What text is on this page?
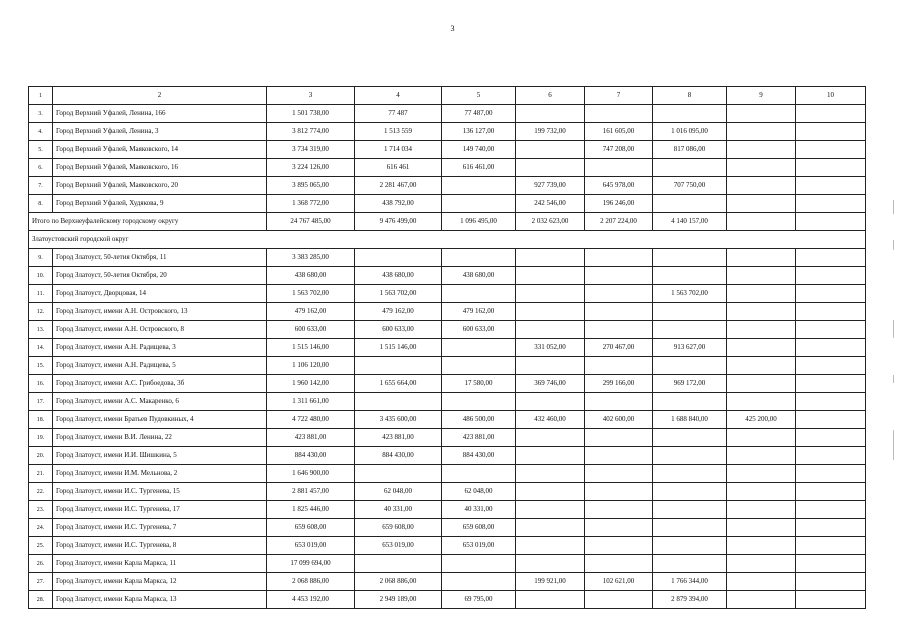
3
1	2	3	4	5	6	7	8	9	10
3.	Город Верхний Уфалей, Ленина, 166	1 501 738,00	77 487	77 487,00					
4.	Город Верхний Уфалей, Ленина, 3	3 812 774,00	1 513 559	136 127,00	199 732,00	161 605,00	1 016 095,00		
5.	Город Верхний Уфалей, Маяковского, 14	3 734 319,00	1 714 034	149 740,00		747 208,00	817 086,00		
6.	Город Верхний Уфалей, Маяковского, 16	3 224 126,00	616 461	616 461,00					
7.	Город Верхний Уфалей, Маяковского, 20	3 895 065,00	2 281 467,00		927 739,00	645 978,00	707 750,00		
8.	Город Верхний Уфалей, Худякова, 9	1 368 772,00	438 792,00		242 546,00	196 246,00			
Итого по Верхнеуфалейскому городскому округу		24 767 485,00	9 476 499,00	1 096 495,00	2 032 623,00	2 207 224,00	4 140 157,00		
Златоустовский городской округ									
9.	Город Златоуст, 50-летия Октября, 11	3 383 285,00							
10.	Город Златоуст, 50-летия Октября, 20	438 680,00	438 680,00	438 680,00					
11.	Город Златоуст, Дворцовая, 14	1 563 702,00	1 563 702,00				1 563 702,00		
12.	Город Златоуст, имени А.Н. Островского, 13	479 162,00	479 162,00	479 162,00					
13.	Город Златоуст, имени А.Н. Островского, 8	600 633,00	600 633,00	600 633,00					
14.	Город Златоуст, имени А.Н. Радищева, 3	1 515 146,00	1 515 146,00		331 052,00	270 467,00	913 627,00		
15.	Город Златоуст, имени А.Н. Радищева, 5	1 106 120,00							
16.	Город Златоуст, имени А.С. Грибоедова, 3б	1 960 142,00	1 655 664,00	17 580,00	369 746,00	299 166,00	969 172,00		
17.	Город Златоуст, имени А.С. Макаренко, 6	1 311 661,00							
18.	Город Златоуст, имени Братьев Пудовкиных, 4	4 722 480,00	3 435 600,00	486 500,00	432 460,00	402 600,00	1 688 840,00	425 200,00	
19.	Город Златоуст, имени В.И. Ленина, 22	423 881,00	423 881,00	423 881,00					
20.	Город Златоуст, имени И.И. Шишкина, 5	884 430,00	884 430,00	884 430,00					
21.	Город Златоуст, имени И.М. Мельнова, 2	1 646 900,00							
22.	Город Златоуст, имени И.С. Тургенева, 15	2 881 457,00	62 048,00	62 048,00					
23.	Город Златоуст, имени И.С. Тургенева, 17	1 825 446,00	40 331,00	40 331,00					
24.	Город Златоуст, имени И.С. Тургенева, 7	659 608,00	659 608,00	659 608,00					
25.	Город Златоуст, имени И.С. Тургенева, 8	653 019,00	653 019,00	653 019,00					
26.	Город Златоуст, имени Карла Маркса, 11	17 099 694,00							
27.	Город Златоуст, имени Карла Маркса, 12	2 068 886,00	2 068 886,00		199 921,00	102 621,00	1 766 344,00		
28.	Город Златоуст, имени Карла Маркса, 13	4 453 192,00	2 949 189,00	69 795,00			2 879 394,00		
